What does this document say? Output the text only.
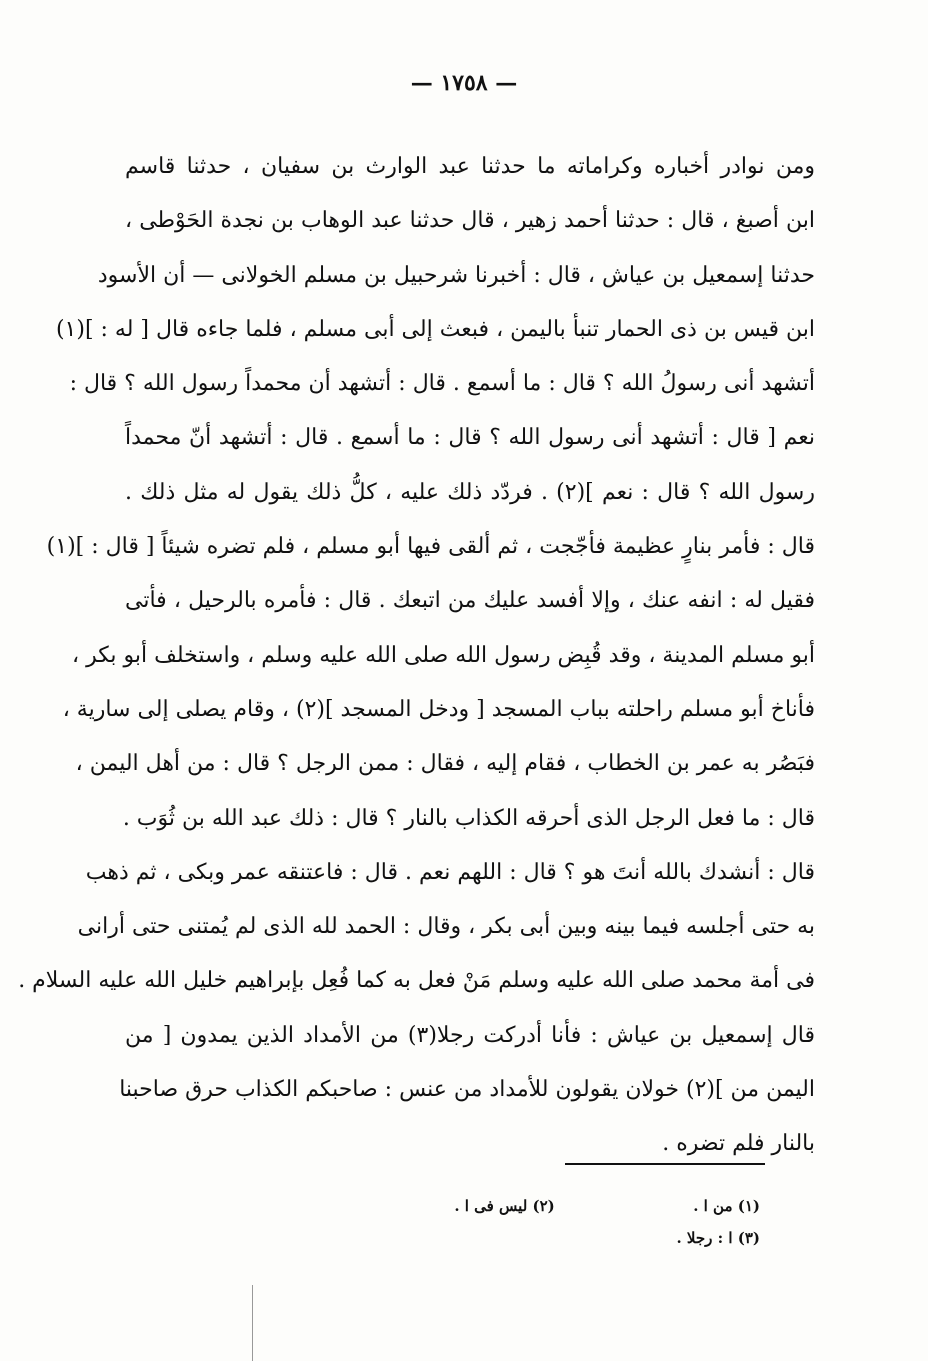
— ١٧٥٨ —
ومن نوادر أخباره وكراماته ما حدثنا عبد الوارث بن سفيان ، حدثنا قاسم
ابن أصبغ ، قال : حدثنا أحمد زهير ، قال حدثنا عبد الوهاب بن نجدة الحَوْطى ،
حدثنا إسمعيل بن عياش ، قال : أخبرنا شرحبيل بن مسلم الخولانى — أن الأسود
ابن قيس بن ذى الحمار تنبأ باليمن ، فبعث إلى أبى مسلم ، فلما جاءه قال [ له : ](١)
أتشهد أنى رسولُ الله ؟ قال : ما أسمع . قال : أتشهد أن محمداً رسول الله ؟ قال :
نعم [ قال : أتشهد أنى رسول الله ؟ قال : ما أسمع . قال : أتشهد أنّ محمداً
رسول الله ؟ قال : نعم ](٢) . فردّد ذلك عليه ، كلُّ ذلك يقول له مثل ذلك .
قال : فأمر بنارٍ عظيمة فأجّجت ، ثم ألقى فيها أبو مسلم ، فلم تضره شيئاً [ قال : ](١)
فقيل له : انفه عنك ، وإلا أفسد عليك من اتبعك . قال : فأمره بالرحيل ، فأتى
أبو مسلم المدينة ، وقد قُبِض رسول الله صلى الله عليه وسلم ، واستخلف أبو بكر ،
فأناخ أبو مسلم راحلته بباب المسجد [ ودخل المسجد ](٢) ، وقام يصلى إلى سارية ،
فبَصُر به عمر بن الخطاب ، فقام إليه ، فقال : ممن الرجل ؟ قال : من أهل اليمن ،
قال : ما فعل الرجل الذى أحرقه الكذاب بالنار ؟ قال : ذلك عبد الله بن ثُوَب .
قال : أنشدك بالله أنتَ هو ؟ قال : اللهم نعم . قال : فاعتنقه عمر وبكى ، ثم ذهب
به حتى أجلسه فيما بينه وبين أبى بكر ، وقال : الحمد لله الذى لم يُمتنى حتى أرانى
فى أمة محمد صلى الله عليه وسلم مَنْ فعل به كما فُعِل بإبراهيم خليل الله عليه السلام .
قال إسمعيل بن عياش : فأنا أدركت رجلا(٣) من الأمداد الذين يمدون [ من
اليمن من ](٢) خولان يقولون للأمداد من عنس : صاحبكم الكذاب حرق صاحبنا
بالنار فلم تضره .
(١) من ا . (٢) ليس فى ا .
(٣) ا : رجلا .
